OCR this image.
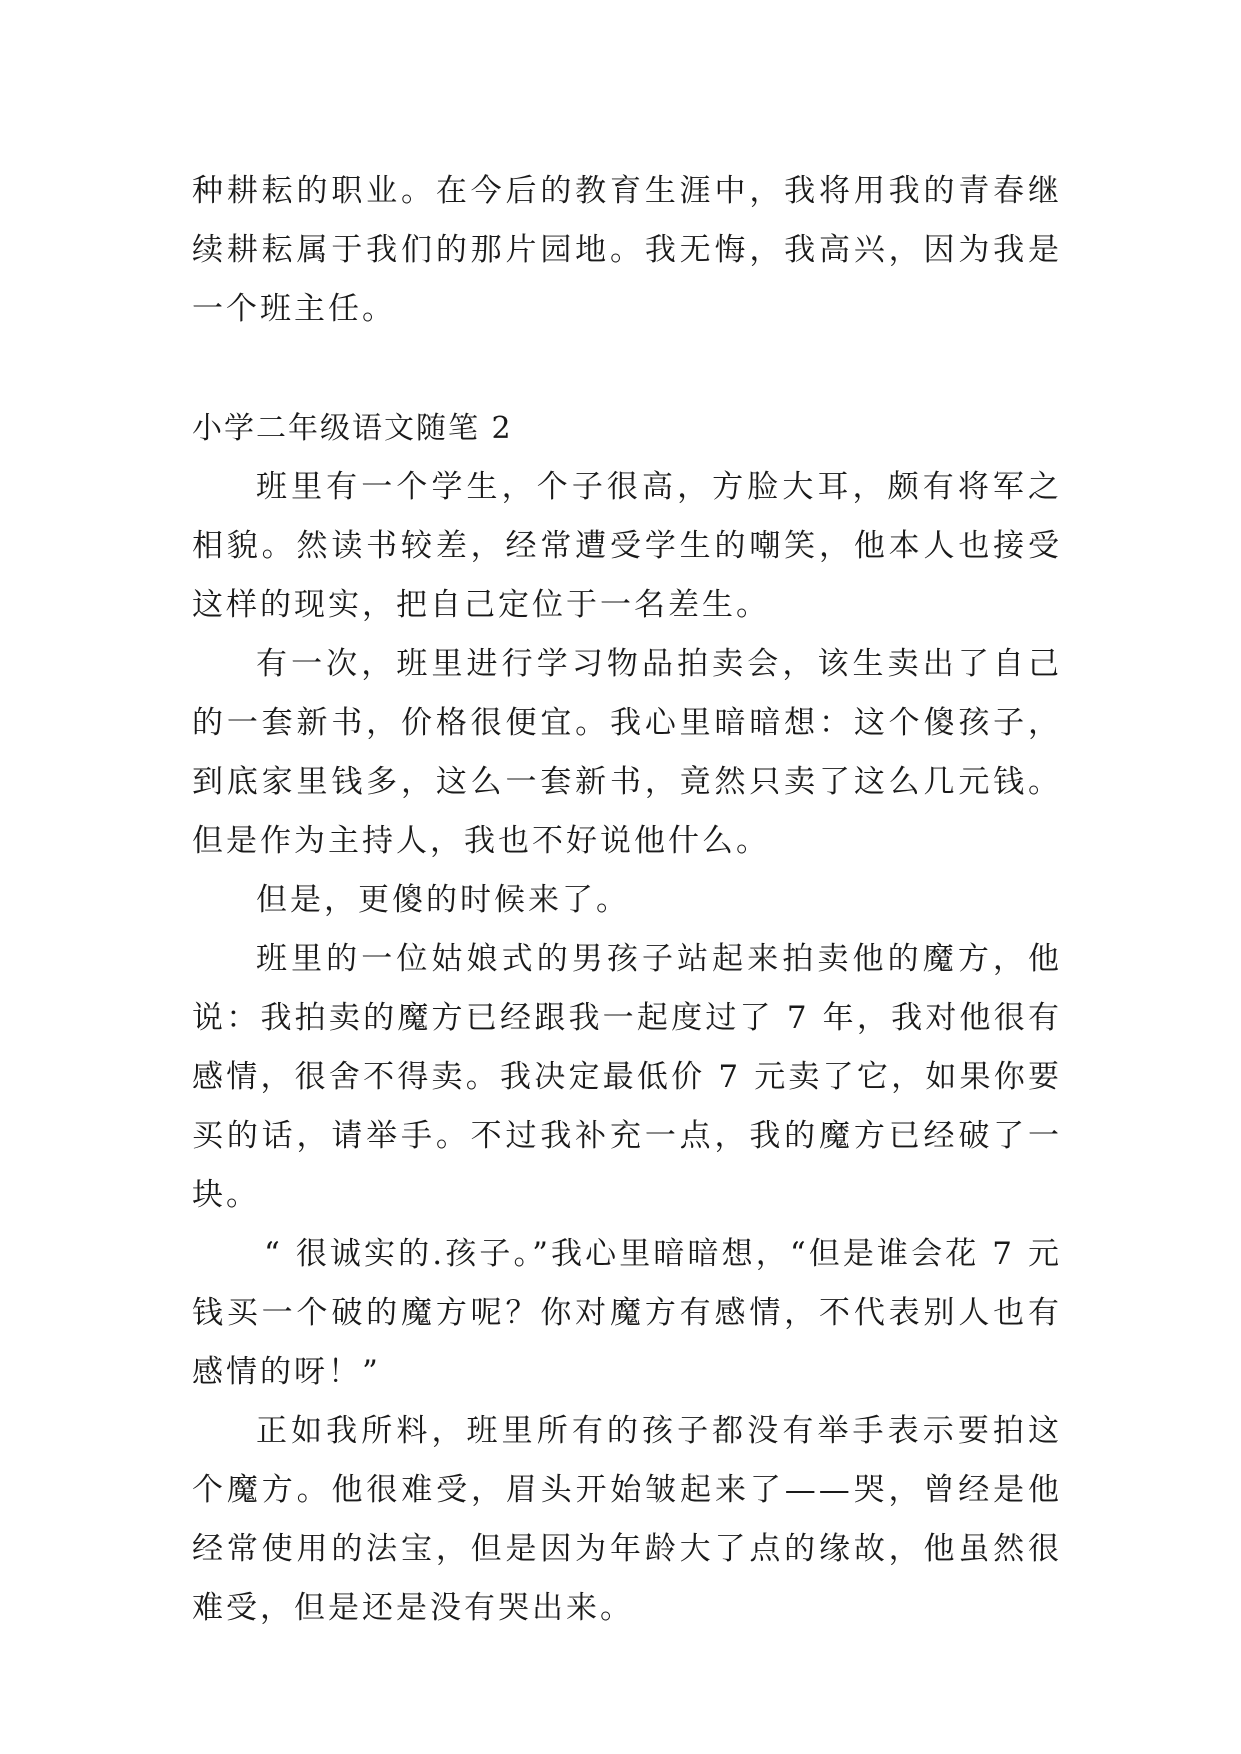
种耕耘的职业。在今后的教育生涯中，我将用我的青春继续耕耘属于我们的那片园地。我无悔，我高兴，因为我是一个班主任。

小学二年级语文随笔 2

班里有一个学生，个子很高，方脸大耳，颇有将军之相貌。然读书较差，经常遭受学生的嘲笑，他本人也接受这样的现实，把自己定位于一名差生。

有一次，班里进行学习物品拍卖会，该生卖出了自己的一套新书，价格很便宜。我心里暗暗想：这个傻孩子，到底家里钱多，这么一套新书，竟然只卖了这么几元钱。但是作为主持人，我也不好说他什么。

但是，更傻的时候来了。

班里的一位姑娘式的男孩子站起来拍卖他的魔方，他说：我拍卖的魔方已经跟我一起度过了 7 年，我对他很有感情，很舍不得卖。我决定最低价 7 元卖了它，如果你要买的话，请举手。不过我补充一点，我的魔方已经破了一块。

“ 很诚实的.孩子。”我心里暗暗想，“但是谁会花 7 元钱买一个破的魔方呢？你对魔方有感情，不代表别人也有感情的呀！”

正如我所料，班里所有的孩子都没有举手表示要拍这个魔方。他很难受，眉头开始皱起来了——哭，曾经是他经常使用的法宝，但是因为年龄大了点的缘故，他虽然很难受，但是还是没有哭出来。
